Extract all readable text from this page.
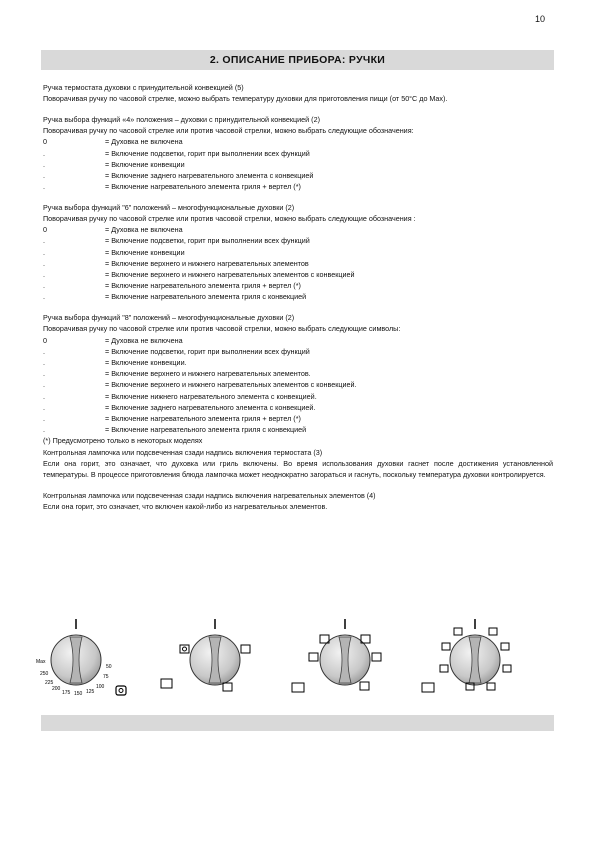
10
2. ОПИСАНИЕ ПРИБОРА: РУЧКИ

Ручка термостата духовки с принудительной конвекцией (5)

Поворачивая ручку по часовой стрелке, можно выбрать температуру духовки для приготовления пищи (от 50°C до Max).

Ручка выбора функций «4» положения – духовки с принудительной конвекцией (2)

Поворачивая ручку по часовой стрелке или против часовой стрелки, можно выбрать следующие обозначения:

0	= Духовка не включена
.	= Включение подсветки, горит при выполнении всех функций
.	= Включение конвекции
.	= Включение заднего нагревательного элемента с конвекцией
.	= Включение нагревательного элемента гриля + вертел (*)

Ручка выбора функций "6" положений – многофункциональные духовки (2)

Поворачивая ручку по часовой стрелке или против часовой стрелки, можно выбрать следующие обозначения :

0	= Духовка не включена
.	= Включение подсветки, горит при выполнении всех функций
.	= Включение конвекции
.	= Включение верхнего и нижнего нагревательных элементов
.	= Включение верхнего и нижнего нагревательных элементов с конвекцией
.	= Включение нагревательного элемента гриля + вертел (*)
.	= Включение нагревательного элемента гриля с конвекцией

Ручка выбора функций "8" положений – многофункциональные духовки (2)

Поворачивая ручку по часовой стрелке или против часовой стрелки, можно выбрать следующие символы:

0	= Духовка не включена
.	= Включение подсветки, горит при выполнении всех функций
.	= Включение конвекции.
.	= Включение верхнего и нижнего нагревательных элементов.
.	= Включение верхнего и нижнего нагревательных элементов с конвекцией.
.	= Включение нижнего нагревательного элемента с конвекцией.
.	= Включение заднего нагревательного элемента с конвекцией.
.	= Включение нагревательного элемента гриля + вертел (*)
.	= Включение нагревательного элемента гриля с конвекцией

(*) Предусмотрено только в некоторых моделях

Контрольная лампочка или подсвеченная сзади надпись включения термостата (3)

Если она горит, это означает, что духовка или гриль включены. Во время использования духовки гаснет после достижения установленной температуры. В процессе приготовления блюда лампочка может неоднократно загораться и гаснуть, поскольку температура духовки контролируется.

Контрольная лампочка или подсвеченная сзади надпись включения нагревательных элементов (4)

Если она горит, это означает, что включен какой-либо из нагревательных элементов.

Max
250
225
200
175 150 125
100
75
50
